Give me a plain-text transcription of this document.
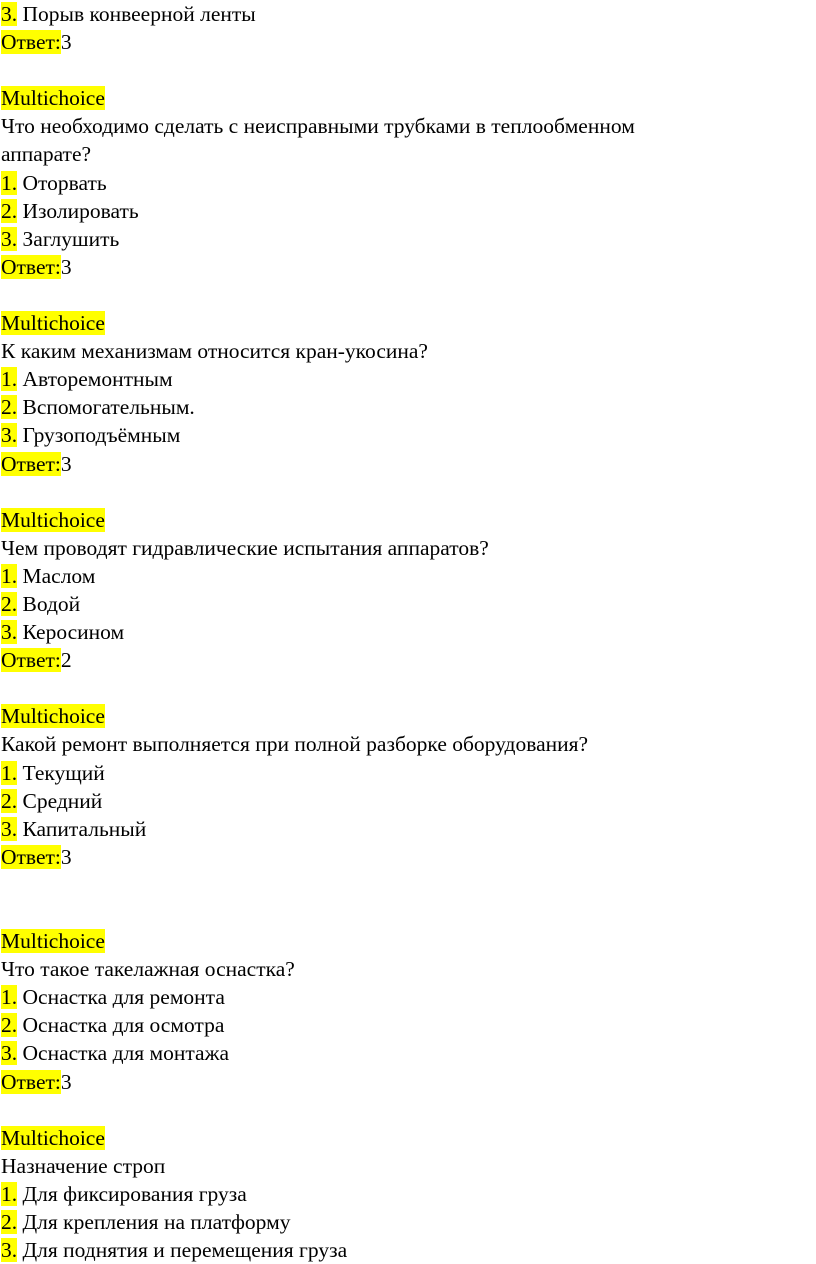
3. Порыв конвеерной ленты
Ответ:3
Multichoice
Что необходимо сделать с неисправными трубками в теплообменном
аппарате?
1. Оторвать
2. Изолировать
3. Заглушить
Ответ:3
Multichoice
К каким механизмам относится кран-укосина?
1. Авторемонтным
2. Вспомогательным.
3. Грузоподъёмным
Ответ:3
Multichoice
Чем проводят гидравлические испытания аппаратов?
1. Маслом
2. Водой
3. Керосином
Ответ:2
Multichoice
Какой ремонт выполняется при полной разборке оборудования?
1. Текущий
2. Средний
3. Капитальный
Ответ:3
Multichoice
Что такое такелажная оснастка?
1. Оснастка для ремонта
2. Оснастка для осмотра
3. Оснастка для монтажа
Ответ:3
Multichoice
Назначение строп
1. Для фиксирования груза
2. Для крепления на платформу
3. Для поднятия и перемещения груза
